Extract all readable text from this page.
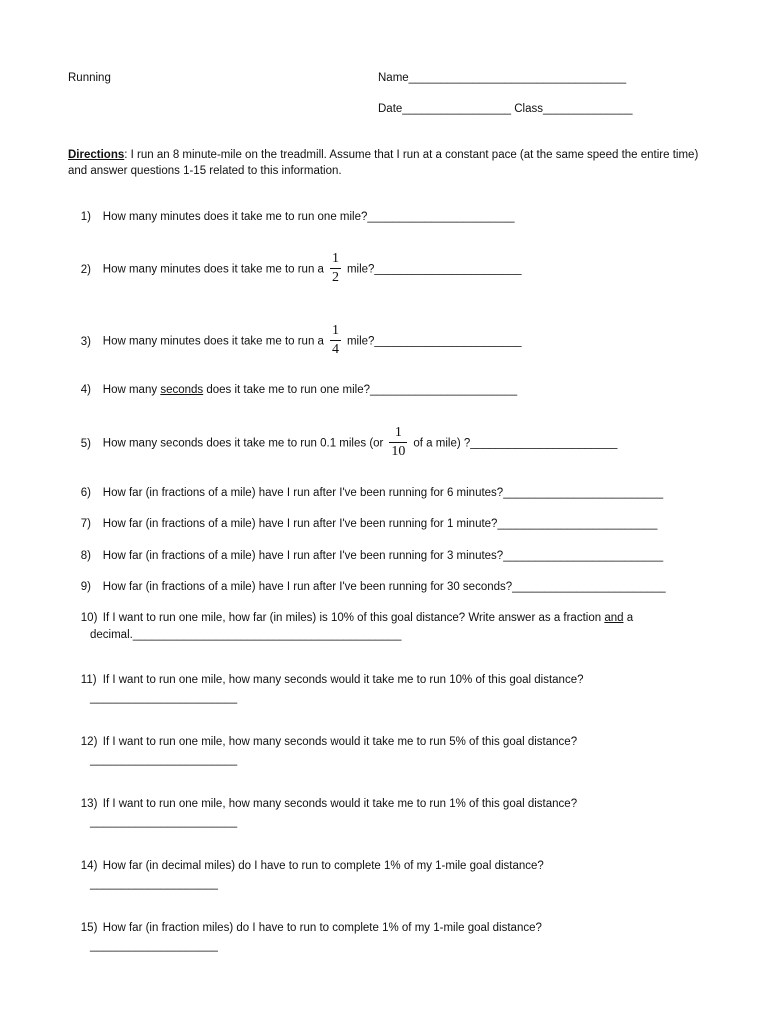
Running	Name__________________________________
Date_________________ Class______________
Directions: I run an 8 minute-mile on the treadmill. Assume that I run at a constant pace (at the same speed the entire time) and answer questions 1-15 related to this information.

1) How many minutes does it take me to run one mile?_______________________

2) How many minutes does it take me to run a $\frac{1}{2}$ mile?_______________________

3) How many minutes does it take me to run a $\frac{1}{4}$ mile?_______________________

4) How many seconds does it take me to run one mile?_______________________

5) How many seconds does it take me to run 0.1 miles ($or \frac{1}{10}$ of a mile) ?_______________________

6) How far (in fractions of a mile) have I run after I've been running for 6 minutes?_________________________

7) How far (in fractions of a mile) have I run after I've been running for 1 minute?_________________________

8) How far (in fractions of a mile) have I run after I've been running for 3 minutes?_________________________

9) How far (in fractions of a mile) have I run after I've been running for 30 seconds?________________________

10) If I want to run one mile, how far (in miles) is 10% of this goal distance? Write answer as a fraction and a

decimal.__________________________________________

11) If I want to run one mile, how many seconds would it take me to run 10% of this goal distance?

_______________________

12) If I want to run one mile, how many seconds would it take me to run 5% of this goal distance?

_______________________

13) If I want to run one mile, how many seconds would it take me to run 1% of this goal distance?

_______________________

14) How far (in decimal miles) do I have to run to complete 1% of my 1-mile goal distance?

____________________

15) How far (in fraction miles) do I have to run to complete 1% of my 1-mile goal distance?

____________________
